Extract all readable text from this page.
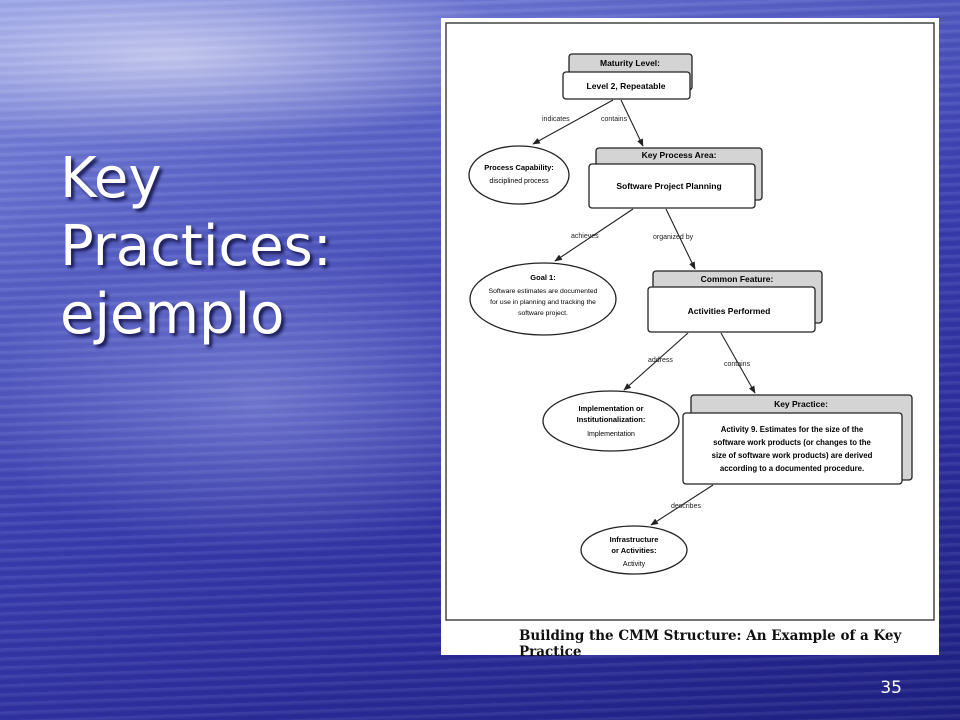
Key
Practices:
ejemplo
Maturity Level:
Level 2, Repeatable
Process Capability:
disciplined process
Key Process Area:
Software Project Planning
Goal 1:
Software estimates are documented
for use in planning and tracking the
software project.
Common Feature:
Activities Performed
Implementation or
Institutionalization:
Implementation
Key Practice:
Activity 9. Estimates for the size of the
software work products (or changes to the
size of software work products) are derived
according to a documented procedure.
Infrastructure
or Activities:
Activity
indicates	contains
achieves	organized by
address
contains
describes
Building the CMM Structure: An Example of a Key Practice
35
